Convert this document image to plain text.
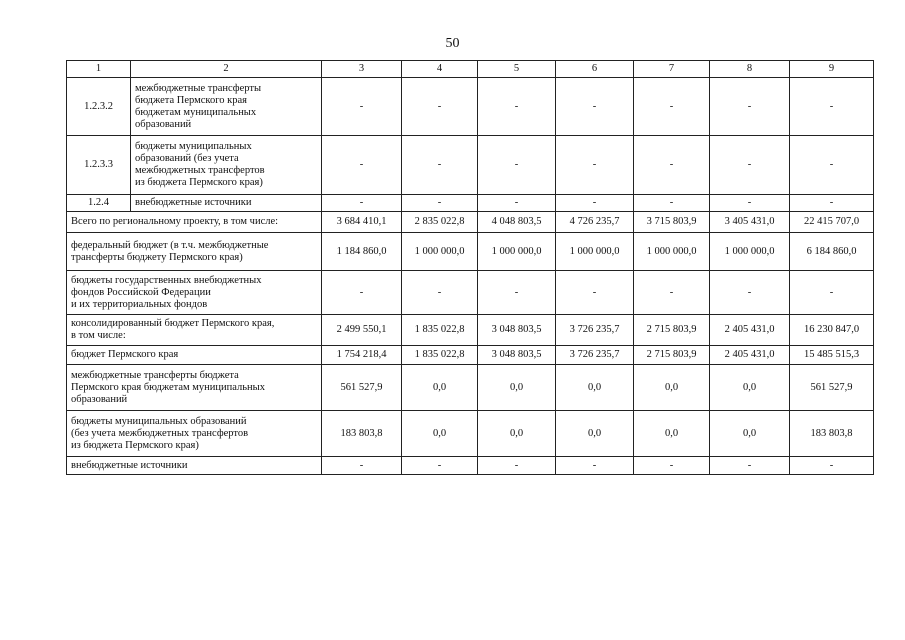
50
1	2	3	4	5	6	7	8	9
1.2.3.2	межбюджетные трансферты
бюджета Пермского края
бюджетам муниципальных
образований	-	-	-	-	-	-	-
1.2.3.3	бюджеты муниципальных
образований (без учета
межбюджетных трансфертов
из бюджета Пермского края)	-	-	-	-	-	-	-
1.2.4	внебюджетные источники	-	-	-	-	-	-	-
Всего по региональному проекту, в том числе:		3 684 410,1	2 835 022,8	4 048 803,5	4 726 235,7	3 715 803,9	3 405 431,0	22 415 707,0
федеральный бюджет (в т.ч. межбюджетные
трансферты бюджету Пермского края)		1 184 860,0	1 000 000,0	1 000 000,0	1 000 000,0	1 000 000,0	1 000 000,0	6 184 860,0
бюджеты государственных внебюджетных
фондов Российской Федерации
и их территориальных фондов		-	-	-	-	-	-	-
консолидированный бюджет Пермского края,
в том числе:		2 499 550,1	1 835 022,8	3 048 803,5	3 726 235,7	2 715 803,9	2 405 431,0	16 230 847,0
бюджет Пермского края		1 754 218,4	1 835 022,8	3 048 803,5	3 726 235,7	2 715 803,9	2 405 431,0	15 485 515,3
межбюджетные трансферты бюджета
Пермского края бюджетам муниципальных
образований		561 527,9	0,0	0,0	0,0	0,0	0,0	561 527,9
бюджеты муниципальных образований
(без учета межбюджетных трансфертов
из бюджета Пермского края)		183 803,8	0,0	0,0	0,0	0,0	0,0	183 803,8
внебюджетные источники		-	-	-	-	-	-	-
